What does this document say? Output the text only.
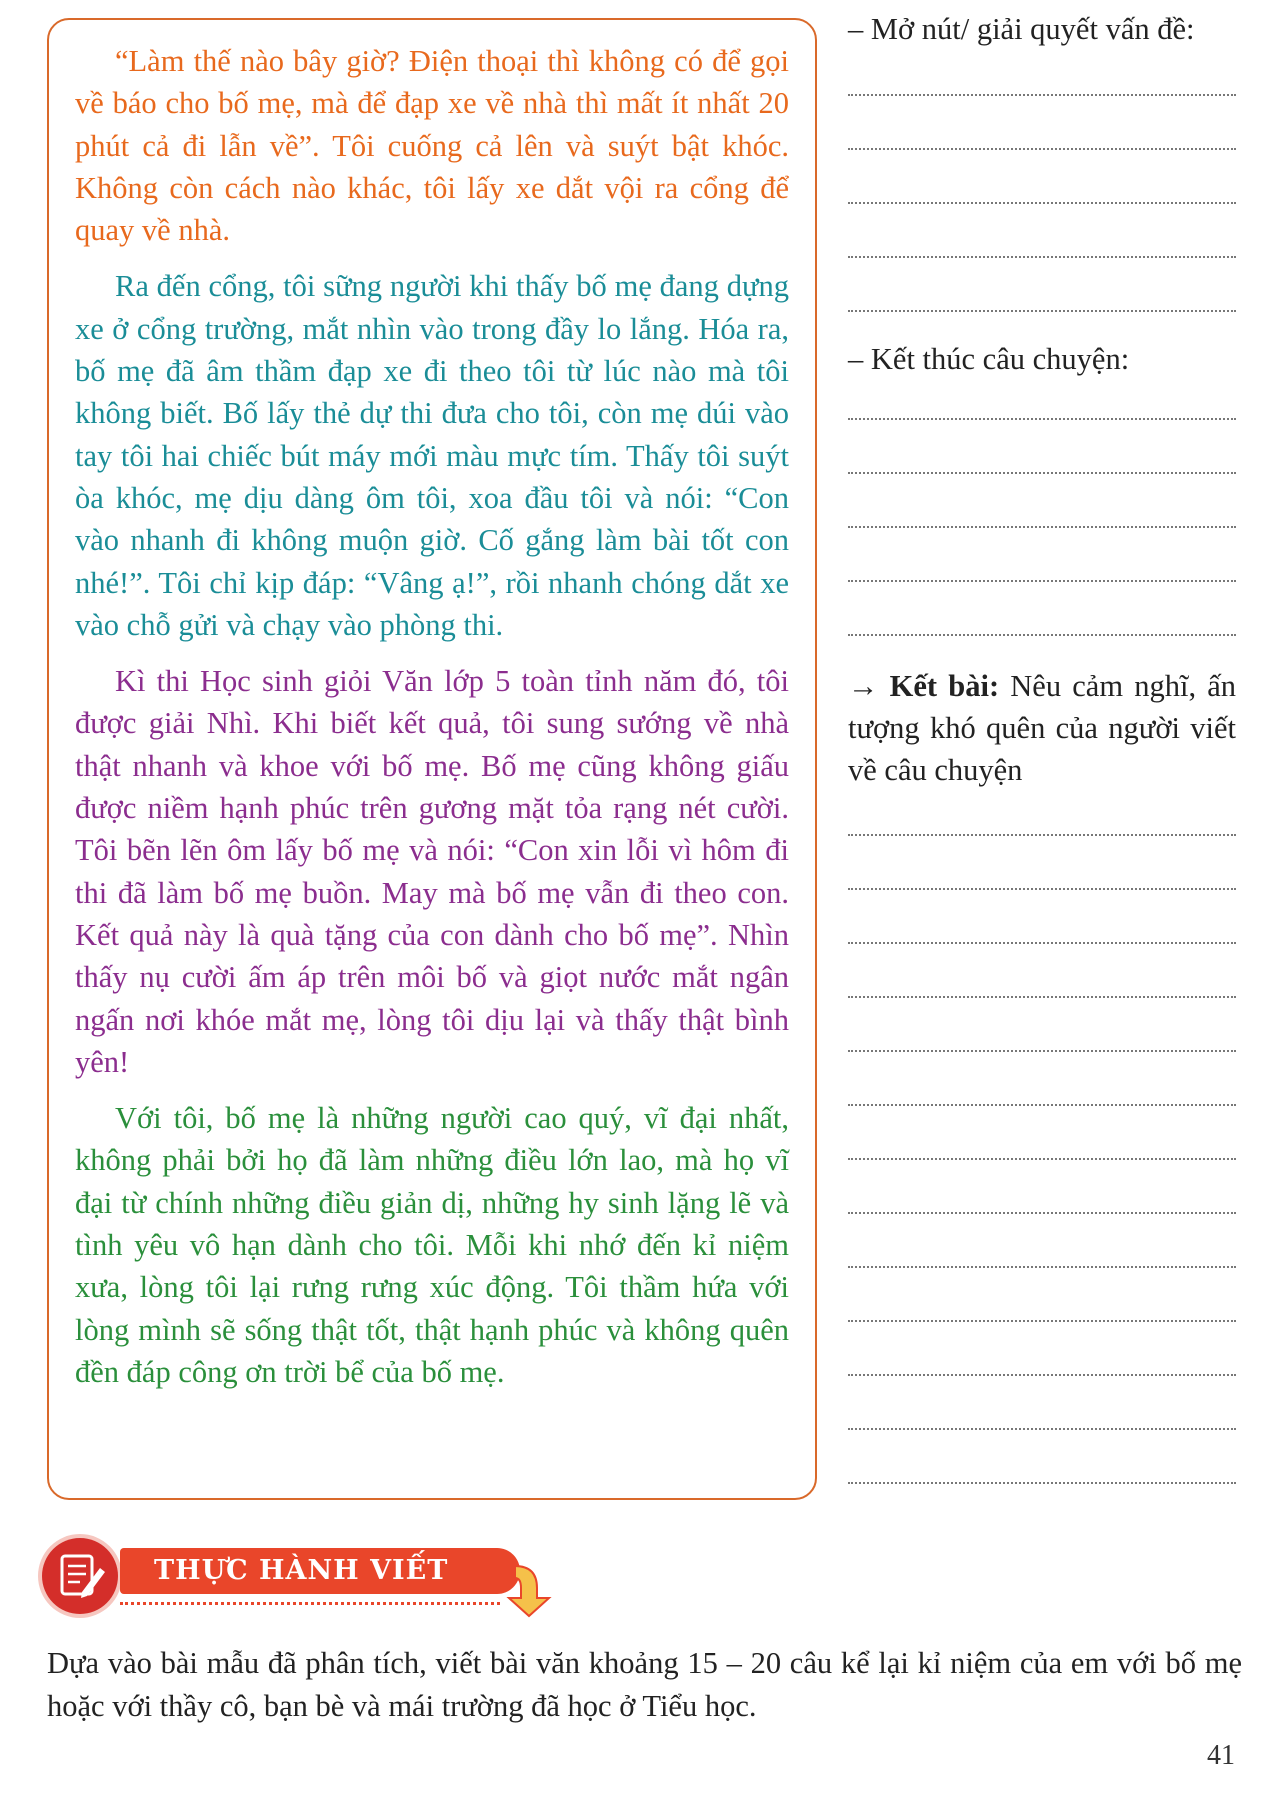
“Làm thế nào bây giờ? Điện thoại thì không có để gọi về báo cho bố mẹ, mà để đạp xe về nhà thì mất ít nhất 20 phút cả đi lẫn về”. Tôi cuống cả lên và suýt bật khóc. Không còn cách nào khác, tôi lấy xe dắt vội ra cổng để quay về nhà.

Ra đến cổng, tôi sững người khi thấy bố mẹ đang dựng xe ở cổng trường, mắt nhìn vào trong đầy lo lắng. Hóa ra, bố mẹ đã âm thầm đạp xe đi theo tôi từ lúc nào mà tôi không biết. Bố lấy thẻ dự thi đưa cho tôi, còn mẹ dúi vào tay tôi hai chiếc bút máy mới màu mực tím. Thấy tôi suýt òa khóc, mẹ dịu dàng ôm tôi, xoa đầu tôi và nói: “Con vào nhanh đi không muộn giờ. Cố gắng làm bài tốt con nhé!”. Tôi chỉ kịp đáp: “Vâng ạ!”, rồi nhanh chóng dắt xe vào chỗ gửi và chạy vào phòng thi.

Kì thi Học sinh giỏi Văn lớp 5 toàn tỉnh năm đó, tôi được giải Nhì. Khi biết kết quả, tôi sung sướng về nhà thật nhanh và khoe với bố mẹ. Bố mẹ cũng không giấu được niềm hạnh phúc trên gương mặt tỏa rạng nét cười. Tôi bẽn lẽn ôm lấy bố mẹ và nói: “Con xin lỗi vì hôm đi thi đã làm bố mẹ buồn. May mà bố mẹ vẫn đi theo con. Kết quả này là quà tặng của con dành cho bố mẹ”. Nhìn thấy nụ cười ấm áp trên môi bố và giọt nước mắt ngân ngấn nơi khóe mắt mẹ, lòng tôi dịu lại và thấy thật bình yên!

Với tôi, bố mẹ là những người cao quý, vĩ đại nhất, không phải bởi họ đã làm những điều lớn lao, mà họ vĩ đại từ chính những điều giản dị, những hy sinh lặng lẽ và tình yêu vô hạn dành cho tôi. Mỗi khi nhớ đến kỉ niệm xưa, lòng tôi lại rưng rưng xúc động. Tôi thầm hứa với lòng mình sẽ sống thật tốt, thật hạnh phúc và không quên đền đáp công ơn trời bể của bố mẹ.

– Mở nút/ giải quyết vấn đề:
– Kết thúc câu chuyện:
→ Kết bài: Nêu cảm nghĩ, ấn tượng khó quên của người viết về câu chuyện
THỰC HÀNH VIẾT
Dựa vào bài mẫu đã phân tích, viết bài văn khoảng 15 – 20 câu kể lại kỉ niệm của em với bố mẹ hoặc với thầy cô, bạn bè và mái trường đã học ở Tiểu học.
41
